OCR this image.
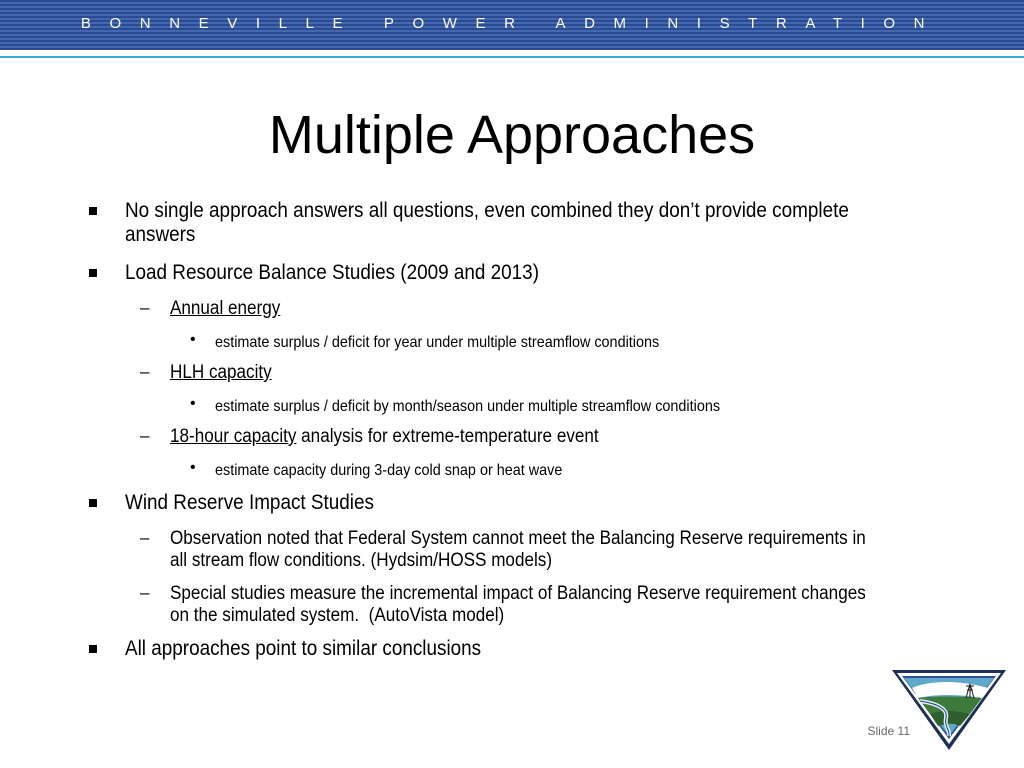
BONNEVILLE POWER ADMINISTRATION
Multiple Approaches
No single approach answers all questions, even combined they don’t provide complete
answers
Load Resource Balance Studies (2009 and 2013)
– Annual energy
• estimate surplus / deficit for year under multiple streamflow conditions
– HLH capacity
• estimate surplus / deficit by month/season under multiple streamflow conditions
– 18-hour capacity analysis for extreme-temperature event
• estimate capacity during 3-day cold snap or heat wave
Wind Reserve Impact Studies
– Observation noted that Federal System cannot meet the Balancing Reserve requirements in
all stream flow conditions. (Hydsim/HOSS models)
– Special studies measure the incremental impact of Balancing Reserve requirement changes
on the simulated system.  (AutoVista model)
All approaches point to similar conclusions
Slide 11
